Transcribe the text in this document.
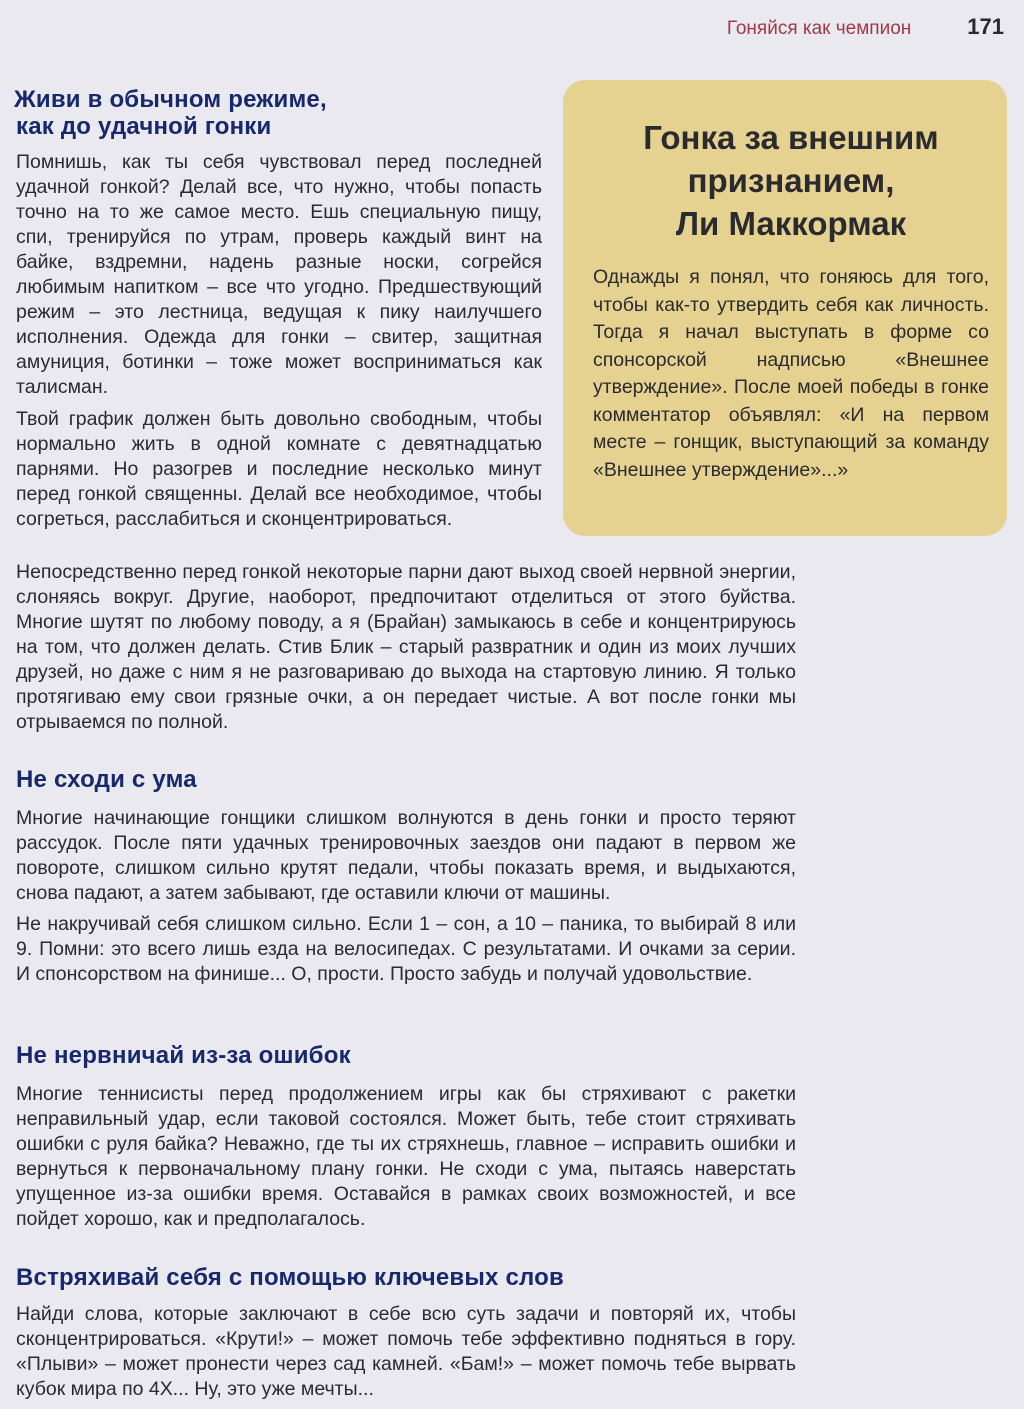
Гоняйся как чемпион	171
Живи в обычном режиме,
как до удачной гонки

Помнишь, как ты себя чувствовал перед последней удачной гонкой? Делай все, что нужно, чтобы попасть точно на то же самое место. Ешь специальную пищу, спи, тренируйся по утрам, проверь каждый винт на байке, вздремни, надень разные носки, согрейся любимым напитком – все что угодно. Предшествующий режим – это лестница, ведущая к пику наилучшего исполнения. Одежда для гонки – свитер, защитная амуниция, ботинки – тоже может восприниматься как талисман.

Твой график должен быть довольно свободным, чтобы нормально жить в одной комнате с девятнадцатью парнями. Но разогрев и последние несколько минут перед гонкой священны. Делай все необходимое, чтобы согреться, расслабиться и сконцентрироваться.

Гонка за внешним
признанием,
Ли Маккормак

Однажды я понял, что гоняюсь для того, чтобы как-то утвердить себя как личность. Тогда я начал выступать в форме со спонсорской надписью «Внешнее утверждение». После моей победы в гонке комментатор объявлял: «И на первом месте – гонщик, выступающий за команду «Внешнее утверждение»...»

Непосредственно перед гонкой некоторые парни дают выход своей нервной энергии, слоняясь вокруг. Другие, наоборот, предпочитают отделиться от этого буйства. Многие шутят по любому поводу, а я (Брайан) замыкаюсь в себе и концентрируюсь на том, что должен делать. Стив Блик – старый развратник и один из моих лучших друзей, но даже с ним я не разговариваю до выхода на стартовую линию. Я только протягиваю ему свои грязные очки, а он передает чистые. А вот после гонки мы отрываемся по полной.

Не сходи с ума

Многие начинающие гонщики слишком волнуются в день гонки и просто теряют рассудок. После пяти удачных тренировочных заездов они падают в первом же повороте, слишком сильно крутят педали, чтобы показать время, и выдыхаются, снова падают, а затем забывают, где оставили ключи от машины.

Не накручивай себя слишком сильно. Если 1 – сон, а 10 – паника, то выбирай 8 или 9. Помни: это всего лишь езда на велосипедах. С результатами. И очками за серии. И спонсорством на финише... О, прости. Просто забудь и получай удовольствие.

Не нервничай из-за ошибок

Многие теннисисты перед продолжением игры как бы стряхивают с ракетки неправильный удар, если таковой состоялся. Может быть, тебе стоит стряхивать ошибки с руля байка? Неважно, где ты их стряхнешь, главное – исправить ошибки и вернуться к первоначальному плану гонки. Не сходи с ума, пытаясь наверстать упущенное из-за ошибки время. Оставайся в рамках своих возможностей, и все пойдет хорошо, как и предполагалось.

Встряхивай себя с помощью ключевых слов

Найди слова, которые заключают в себе всю суть задачи и повторяй их, чтобы сконцентрироваться. «Крути!» – может помочь тебе эффективно подняться в гору. «Плыви» – может пронести через сад камней. «Бам!» – может помочь тебе вырвать кубок мира по 4X... Ну, это уже мечты...
